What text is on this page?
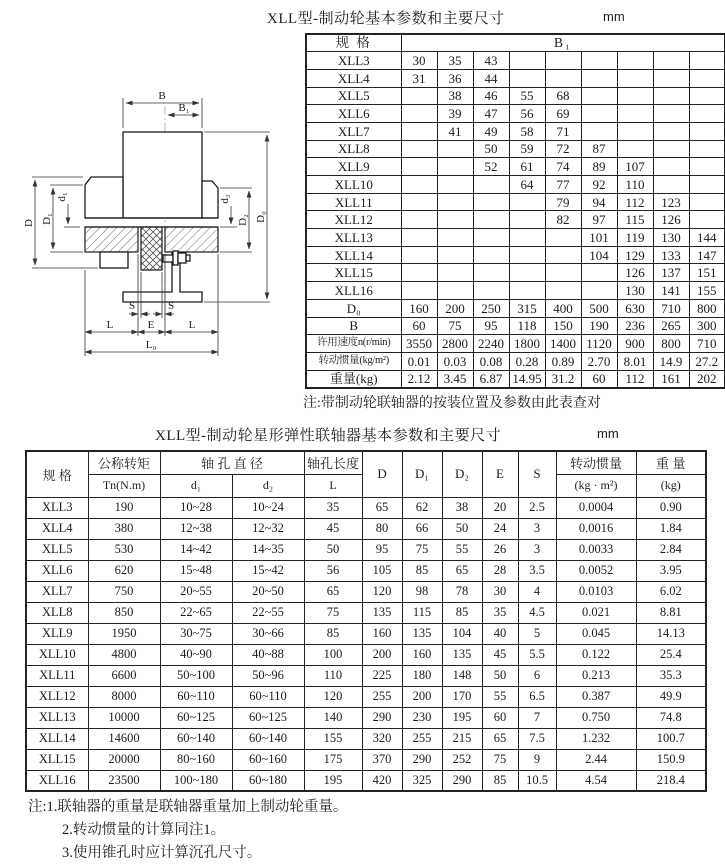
XLL型-制动轮基本参数和主要尺寸	mm
B
B₁
D D₁
d₁	d₂
D₂ D₀
S	S
L	E	L
L₀
规 格	B₁								
XLL3	30	35	43						
XLL4	31	36	44						
XLL5		38	46	55	68				
XLL6		39	47	56	69				
XLL7		41	49	58	71				
XLL8			50	59	72	87			
XLL9			52	61	74	89	107		
XLL10				64	77	92	110		
XLL11					79	94	112	123	
XLL12					82	97	115	126	
XLL13						101	119	130	144
XLL14						104	129	133	147
XLL15							126	137	151
XLL16							130	141	155
D₀	160	200	250	315	400	500	630	710	800
B	60	75	95	118	150	190	236	265	300
许用速度n(r/min)	3550	2800	2240	1800	1400	1120	900	800	710
转动惯量(kg/m²)	0.01	0.03	0.08	0.28	0.89	2.70	8.01	14.9	27.2
重量(kg)	2.12	3.45	6.87	14.95	31.2	60	112	161	202
注:带制动轮联轴器的按装位置及参数由此表查对
XLL型-制动轮星形弹性联轴器基本参数和主要尺寸	mm
规 格	公称转矩	轴 孔 直 径		轴孔长度	D	D₁	D₂	E	S	转动惯量	重 量
	Tn(N.m)	d₁	d₂	L						(kg · m²)	(kg)
XLL3	190	10~28	10~24	35	65	62	38	20	2.5	0.0004	0.90
XLL4	380	12~38	12~32	45	80	66	50	24	3	0.0016	1.84
XLL5	530	14~42	14~35	50	95	75	55	26	3	0.0033	2.84
XLL6	620	15~48	15~42	56	105	85	65	28	3.5	0.0052	3.95
XLL7	750	20~55	20~50	65	120	98	78	30	4	0.0103	6.02
XLL8	850	22~65	22~55	75	135	115	85	35	4.5	0.021	8.81
XLL9	1950	30~75	30~66	85	160	135	104	40	5	0.045	14.13
XLL10	4800	40~90	40~88	100	200	160	135	45	5.5	0.122	25.4
XLL11	6600	50~100	50~96	110	225	180	148	50	6	0.213	35.3
XLL12	8000	60~110	60~110	120	255	200	170	55	6.5	0.387	49.9
XLL13	10000	60~125	60~125	140	290	230	195	60	7	0.750	74.8
XLL14	14600	60~140	60~140	155	320	255	215	65	7.5	1.232	100.7
XLL15	20000	80~160	60~160	175	370	290	252	75	9	2.44	150.9
XLL16	23500	100~180	60~180	195	420	325	290	85	10.5	4.54	218.4
注:1.联轴器的重量是联轴器重量加上制动轮重量。
2.转动惯量的计算同注1。
3.使用锥孔时应计算沉孔尺寸。
